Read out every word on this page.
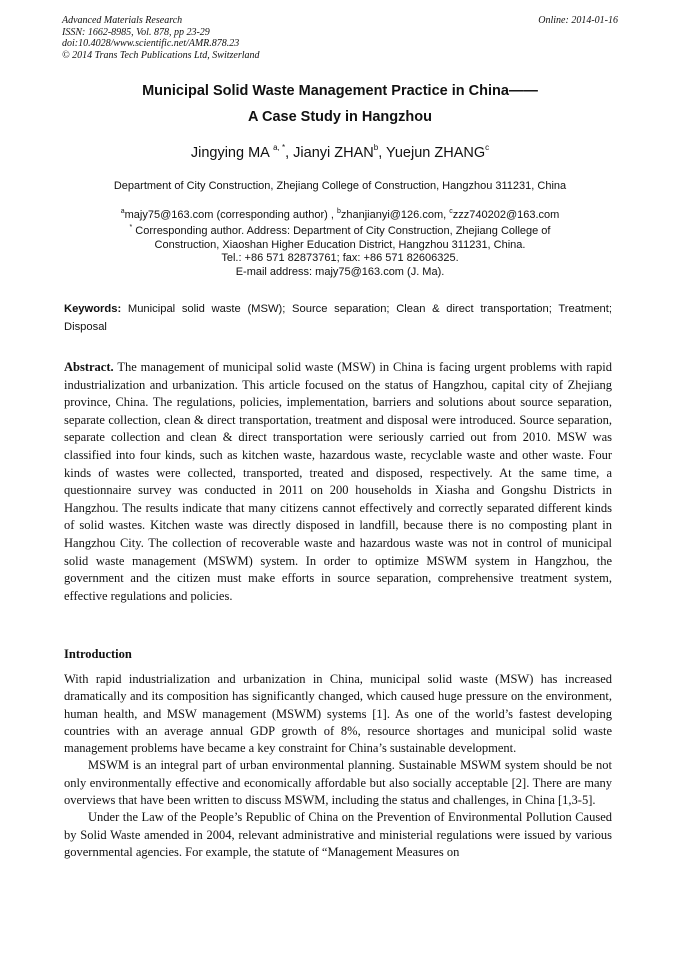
Advanced Materials Research
ISSN: 1662-8985, Vol. 878, pp 23-29
doi:10.4028/www.scientific.net/AMR.878.23
© 2014 Trans Tech Publications Ltd, Switzerland
Online: 2014-01-16
Municipal Solid Waste Management Practice in China——
A Case Study in Hangzhou
Jingying MA $^{a, *}$, Jianyi ZHAN$^b$, Yuejun ZHANG$^c$
Department of City Construction, Zhejiang College of Construction, Hangzhou 311231, China
$^a$majy75@163.com (corresponding author) , $^b$zhanjianyi@126.com, $^c$zzz740202@163.com
* Corresponding author. Address: Department of City Construction, Zhejiang College of
Construction, Xiaoshan Higher Education District, Hangzhou 311231, China.
Tel.: +86 571 82873761; fax: +86 571 82606325.
E-mail address: majy75@163.com (J. Ma).
Keywords: Municipal solid waste (MSW); Source separation; Clean & direct transportation; Treatment; Disposal
Abstract. The management of municipal solid waste (MSW) in China is facing urgent problems with rapid industrialization and urbanization. This article focused on the status of Hangzhou, capital city of Zhejiang province, China. The regulations, policies, implementation, barriers and solutions about source separation, separate collection, clean & direct transportation, treatment and disposal were introduced. Source separation, separate collection and clean & direct transportation were seriously carried out from 2010. MSW was classified into four kinds, such as kitchen waste, hazardous waste, recyclable waste and other waste. Four kinds of wastes were collected, transported, treated and disposed, respectively. At the same time, a questionnaire survey was conducted in 2011 on 200 households in Xiasha and Gongshu Districts in Hangzhou. The results indicate that many citizens cannot effectively and correctly separated different kinds of solid wastes. Kitchen waste was directly disposed in landfill, because there is no composting plant in Hangzhou City. The collection of recoverable waste and hazardous waste was not in control of municipal solid waste management (MSWM) system. In order to optimize MSWM system in Hangzhou, the government and the citizen must make efforts in source separation, comprehensive treatment system, effective regulations and policies.
Introduction

With rapid industrialization and urbanization in China, municipal solid waste (MSW) has increased dramatically and its composition has significantly changed, which caused huge pressure on the environment, human health, and MSW management (MSWM) systems [1]. As one of the world’s fastest developing countries with an average annual GDP growth of 8%, resource shortages and municipal solid waste management problems have became a key constraint for China’s sustainable development.

MSWM is an integral part of urban environmental planning. Sustainable MSWM system should be not only environmentally effective and economically affordable but also socially acceptable [2]. There are many overviews that have been written to discuss MSWM, including the status and challenges, in China [1,3-5].

Under the Law of the People’s Republic of China on the Prevention of Environmental Pollution Caused by Solid Waste amended in 2004, relevant administrative and ministerial regulations were issued by various governmental agencies. For example, the statute of “Management Measures on
